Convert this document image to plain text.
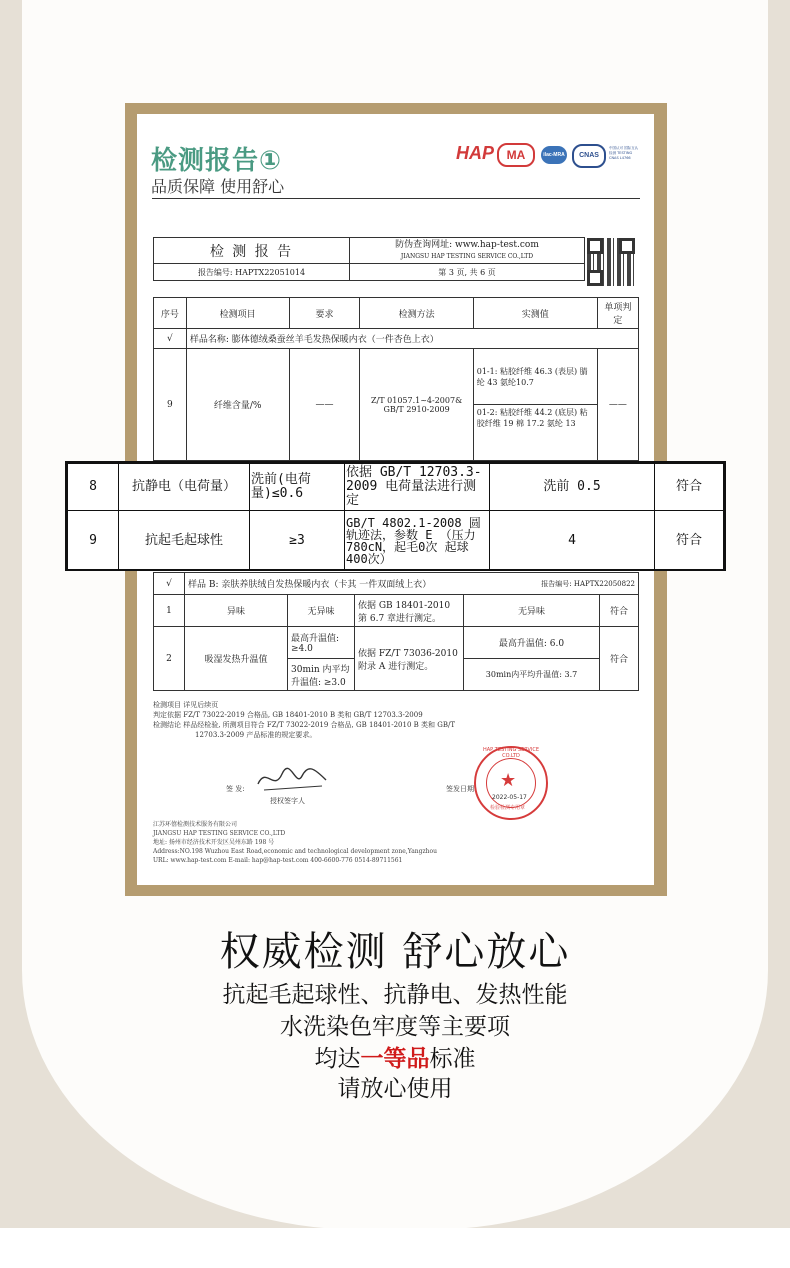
检测报告①
品质保障 使用舒心
HAP	MA	ilac-MRA	CNAS
中国认可 国际互认 检测 TESTING CNAS L4766
检 测 报 告	防伪查询网址: www.hap-test.com
JIANGSU HAP TESTING SERVICE CO.,LTD

报告编号: HAPTX22051014	第 3 页, 共 6 页
序号	检测项目	要求	检测方法	实测值	单项判定
√	样品名称: 膨体德绒桑蚕丝羊毛发热保暖内衣（一件杏色上衣）				
9	纤维含量/%	——	Z/T 01057.1~4-2007& GB/T 2910-2009	01-1: 粘胶纤维 46.3 (表层) 腈纶 43 氨纶10.7	——
				01-2: 粘胶纤维 44.2 (底层) 粘胶纤维 19 棉 17.2 氨纶 13	
8	抗静电（电荷量）	洗前(电荷量)≤0.6	依据 GB/T 12703.3-2009 电荷量法进行测定	洗前 0.5	符合
9	抗起毛起球性	≥3	GB/T 4802.1-2008 圆轨迹法，参数 E （压力 780cN，起毛0次 起球400次）	4	符合
√	样品 B: 亲肤养肤绒自发热保暖内衣（卡其 一件双面绒上衣）				报告编号: HAPTX22050822	
1	异味	无异味	依据 GB 18401-2010 第 6.7 章进行测定。	无异味		符合
2	吸湿发热升温值	最高升温值: ≥4.0	依据 FZ/T 73036-2010 附录 A 进行测定。	最高升温值: 6.0		符合
		30min 内平均升温值: ≥3.0		30min内平均升温值: 3.7		
检测项目 详见后续页
判定依据 FZ/T 73022-2019 合格品, GB 18401-2010 B 类和 GB/T 12703.3-2009
检测结论 样品经检验, 所测项目符合 FZ/T 73022-2019 合格品, GB 18401-2010 B 类和 GB/T
12703.3-2009 产品标准的规定要求。
签 发:
授权签字人
签发日期:
HAP TESTING SERVICE CO.LTD
★
2022-05-17
检验检测专用章
江苏环僖检测技术服务有限公司
JIANGSU HAP TESTING SERVICE CO.,LTD
地址: 扬州市经济技术开发区吴州东路 198 号
Address:NO.198 Wuzhou East Road,economic and technological development zone,Yangzhou
URL: www.hap-test.com E-mail: hap@hap-test.com 400-6600-776 0514-89711561
权威检测 舒心放心
抗起毛起球性、抗静电、发热性能
水洗染色牢度等主要项
均达一等品标准
请放心使用
